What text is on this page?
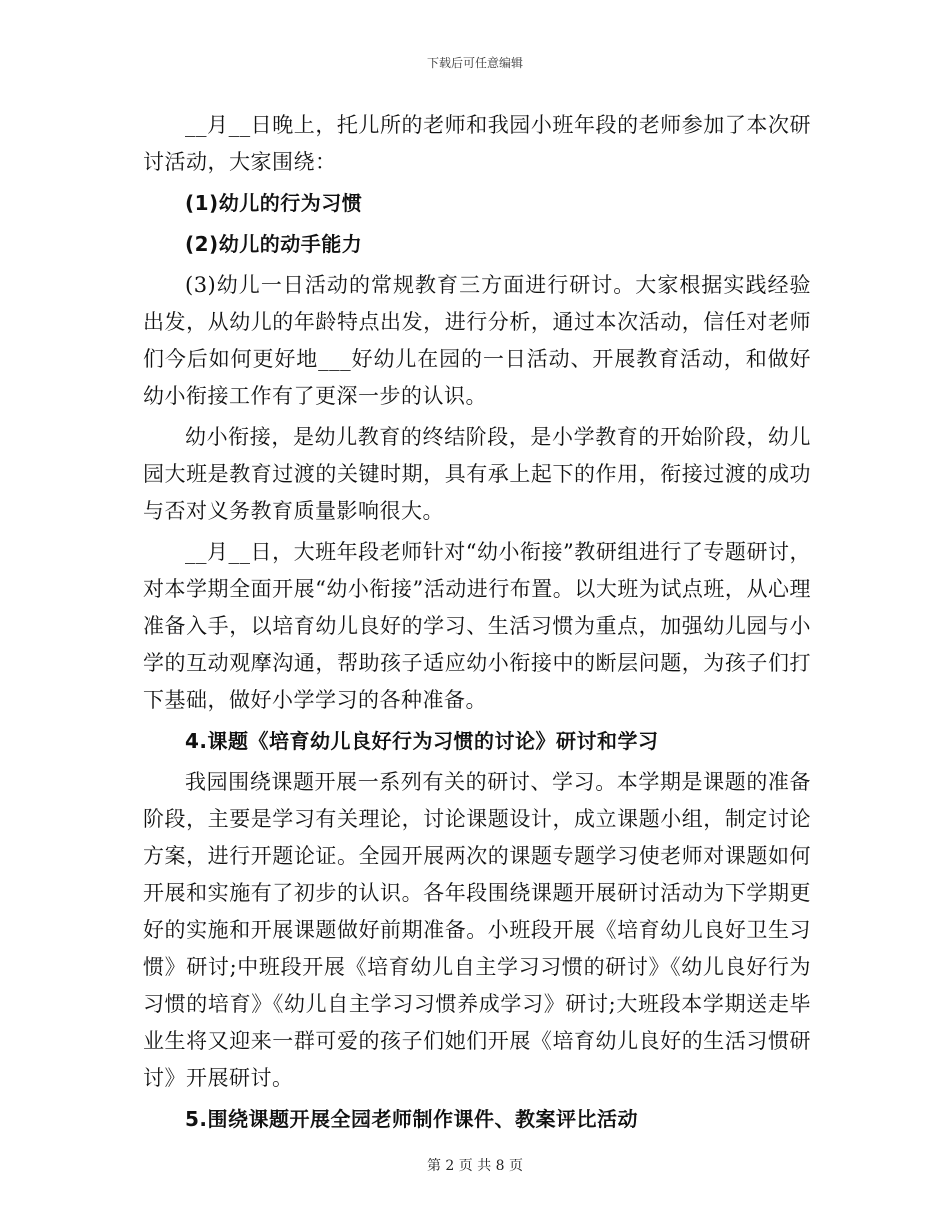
下载后可任意编辑

__月__日晚上，托儿所的老师和我园小班年段的老师参加了本次研讨活动，大家围绕：

(1)幼儿的行为习惯

(2)幼儿的动手能力

(3)幼儿一日活动的常规教育三方面进行研讨。大家根据实践经验出发，从幼儿的年龄特点出发，进行分析，通过本次活动，信任对老师们今后如何更好地___好幼儿在园的一日活动、开展教育活动，和做好幼小衔接工作有了更深一步的认识。

幼小衔接，是幼儿教育的终结阶段，是小学教育的开始阶段，幼儿园大班是教育过渡的关键时期，具有承上起下的作用，衔接过渡的成功与否对义务教育质量影响很大。

__月__日，大班年段老师针对“幼小衔接”教研组进行了专题研讨，对本学期全面开展“幼小衔接”活动进行布置。以大班为试点班，从心理准备入手，以培育幼儿良好的学习、生活习惯为重点，加强幼儿园与小学的互动观摩沟通，帮助孩子适应幼小衔接中的断层问题，为孩子们打下基础，做好小学学习的各种准备。

4.课题《培育幼儿良好行为习惯的讨论》研讨和学习

我园围绕课题开展一系列有关的研讨、学习。本学期是课题的准备阶段，主要是学习有关理论，讨论课题设计，成立课题小组，制定讨论方案，进行开题论证。全园开展两次的课题专题学习使老师对课题如何开展和实施有了初步的认识。各年段围绕课题开展研讨活动为下学期更好的实施和开展课题做好前期准备。小班段开展《培育幼儿良好卫生习惯》研讨;中班段开展《培育幼儿自主学习习惯的研讨》《幼儿良好行为习惯的培育》《幼儿自主学习习惯养成学习》研讨;大班段本学期送走毕业生将又迎来一群可爱的孩子们她们开展《培育幼儿良好的生活习惯研讨》开展研讨。

5.围绕课题开展全园老师制作课件、教案评比活动

第 2 页 共 8 页
